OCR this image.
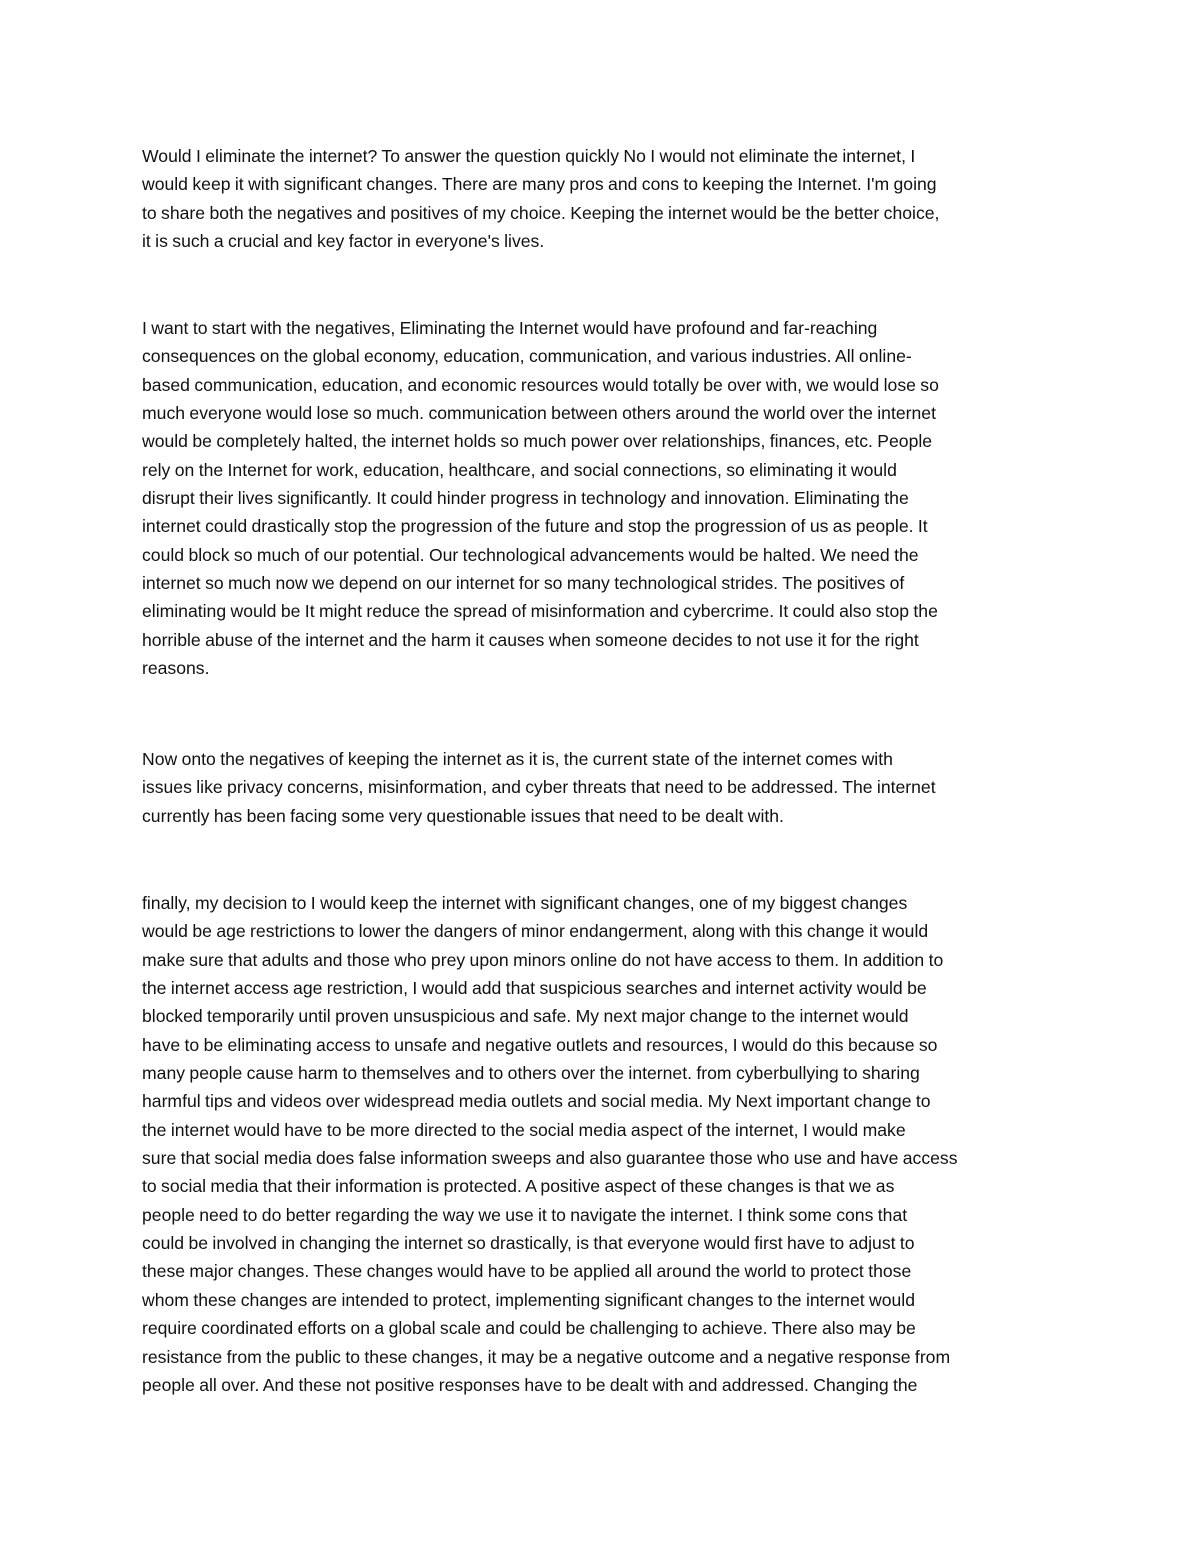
Would I eliminate the internet? To answer the question quickly No I would not eliminate the internet, I
would keep it with significant changes. There are many pros and cons to keeping the Internet. I'm going
to share both the negatives and positives of my choice. Keeping the internet would be the better choice,
it is such a crucial and key factor in everyone's lives.

I want to start with the negatives, Eliminating the Internet would have profound and far-reaching
consequences on the global economy, education, communication, and various industries. All online-
based communication, education, and economic resources would totally be over with, we would lose so
much everyone would lose so much. communication between others around the world over the internet
would be completely halted, the internet holds so much power over relationships, finances, etc. People
rely on the Internet for work, education, healthcare, and social connections, so eliminating it would
disrupt their lives significantly. It could hinder progress in technology and innovation. Eliminating the
internet could drastically stop the progression of the future and stop the progression of us as people. It
could block so much of our potential. Our technological advancements would be halted. We need the
internet so much now we depend on our internet for so many technological strides. The positives of
eliminating would be It might reduce the spread of misinformation and cybercrime. It could also stop the
horrible abuse of the internet and the harm it causes when someone decides to not use it for the right
reasons.

Now onto the negatives of keeping the internet as it is, the current state of the internet comes with
issues like privacy concerns, misinformation, and cyber threats that need to be addressed. The internet
currently has been facing some very questionable issues that need to be dealt with.

finally, my decision to I would keep the internet with significant changes, one of my biggest changes
would be age restrictions to lower the dangers of minor endangerment, along with this change it would
make sure that adults and those who prey upon minors online do not have access to them. In addition to
the internet access age restriction, I would add that suspicious searches and internet activity would be
blocked temporarily until proven unsuspicious and safe. My next major change to the internet would
have to be eliminating access to unsafe and negative outlets and resources, I would do this because so
many people cause harm to themselves and to others over the internet. from cyberbullying to sharing
harmful tips and videos over widespread media outlets and social media. My Next important change to
the internet would have to be more directed to the social media aspect of the internet, I would make
sure that social media does false information sweeps and also guarantee those who use and have access
to social media that their information is protected. A positive aspect of these changes is that we as
people need to do better regarding the way we use it to navigate the internet. I think some cons that
could be involved in changing the internet so drastically, is that everyone would first have to adjust to
these major changes. These changes would have to be applied all around the world to protect those
whom these changes are intended to protect, implementing significant changes to the internet would
require coordinated efforts on a global scale and could be challenging to achieve. There also may be
resistance from the public to these changes, it may be a negative outcome and a negative response from
people all over. And these not positive responses have to be dealt with and addressed. Changing the
